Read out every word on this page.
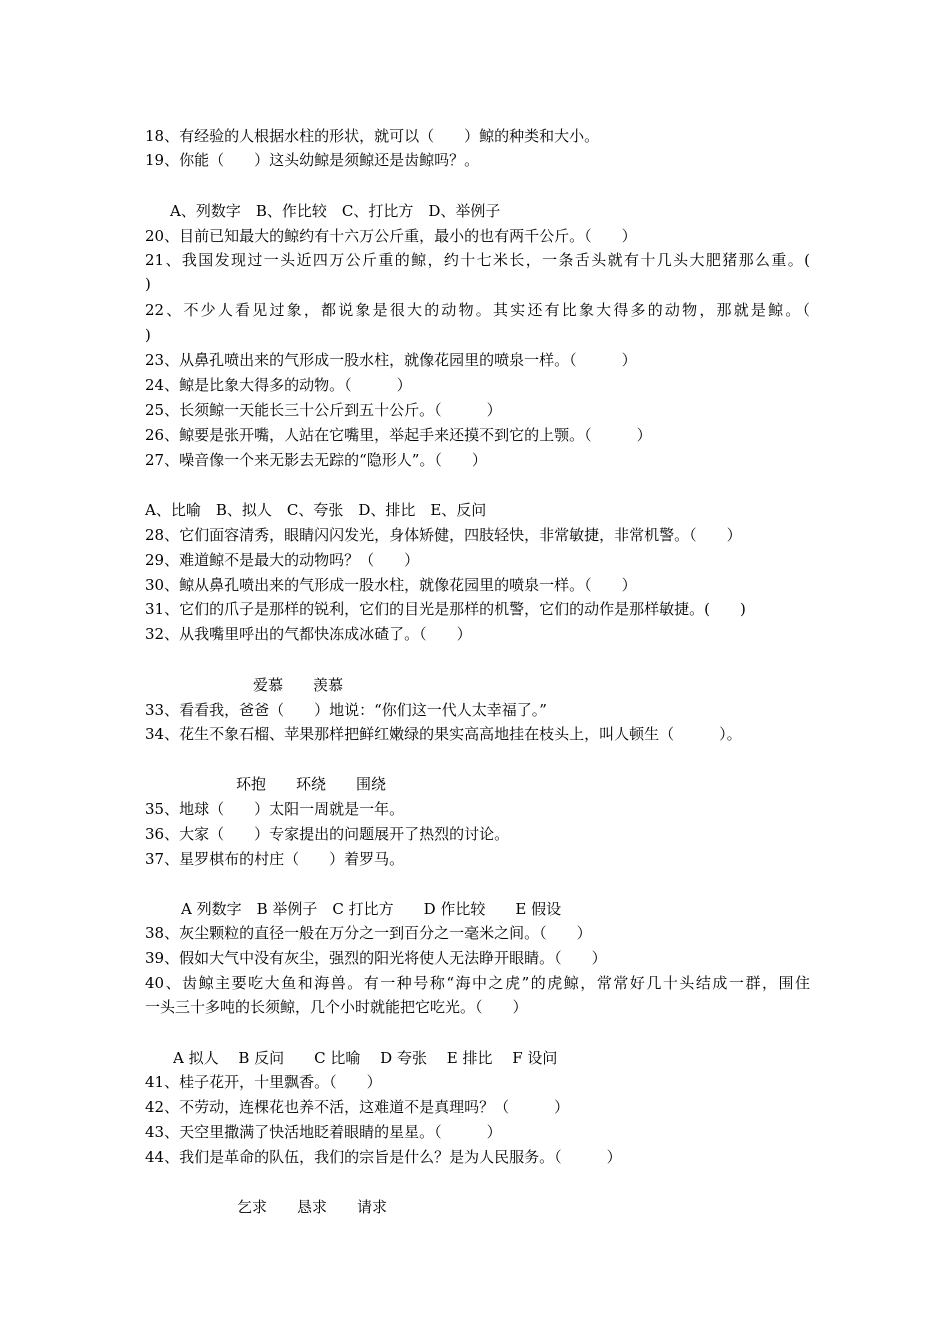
18、有经验的人根据水柱的形状，就可以（　　）鲸的种类和大小。
19、你能（　　）这头幼鲸是须鲸还是齿鲸吗？。
A、列数字　B、作比较　C、打比方　D、举例子
20、目前已知最大的鲸约有十六万公斤重，最小的也有两千公斤。（　　）
21、我国发现过一头近四万公斤重的鲸，约十七米长，一条舌头就有十几头大肥猪那么重。(
)
22、不少人看见过象，都说象是很大的动物。其实还有比象大得多的动物，那就是鲸。（
)
23、从鼻孔喷出来的气形成一股水柱，就像花园里的喷泉一样。（　　　）
24、鲸是比象大得多的动物。（　　　）
25、长须鲸一天能长三十公斤到五十公斤。（　　　）
26、鲸要是张开嘴，人站在它嘴里，举起手来还摸不到它的上颚。（　　　）
27、噪音像一个来无影去无踪的“隐形人”。（　　）
A、比喻　B、拟人　C、夸张　D、排比　E、反问
28、它们面容清秀，眼睛闪闪发光，身体矫健，四肢轻快，非常敏捷，非常机警。（　　）
29、难道鲸不是最大的动物吗？（　　）
30、鲸从鼻孔喷出来的气形成一股水柱，就像花园里的喷泉一样。（　　）
31、它们的爪子是那样的锐利，它们的目光是那样的机警，它们的动作是那样敏捷。(　　)
32、从我嘴里呼出的气都快冻成冰碴了。（　　）
爱慕　　羡慕
33、看看我，爸爸（　　）地说：“你们这一代人太幸福了。”
34、花生不象石榴、苹果那样把鲜红嫩绿的果实高高地挂在枝头上，叫人顿生（　　　）。
环抱　　环绕　　围绕
35、地球（　　）太阳一周就是一年。
36、大家（　　）专家提出的问题展开了热烈的讨论。
37、星罗棋布的村庄（　　）着罗马。
A 列数字　B 举例子　C 打比方　　D 作比较　　E 假设
38、灰尘颗粒的直径一般在万分之一到百分之一毫米之间。（　　）
39、假如大气中没有灰尘，强烈的阳光将使人无法睁开眼睛。（　　）
40、齿鲸主要吃大鱼和海兽。有一种号称“海中之虎”的虎鲸，常常好几十头结成一群，围住
一头三十多吨的长须鲸，几个小时就能把它吃光。（　　）
A 拟人　 B 反问　　C 比喻　 D 夸张　 E 排比　 F 设问
41、桂子花开，十里飘香。（　　）
42、不劳动，连棵花也养不活，这难道不是真理吗？（　　　）
43、天空里撒满了快活地眨着眼睛的星星。（　　　）
44、我们是革命的队伍，我们的宗旨是什么？是为人民服务。（　　　）
乞求　　恳求　　请求
